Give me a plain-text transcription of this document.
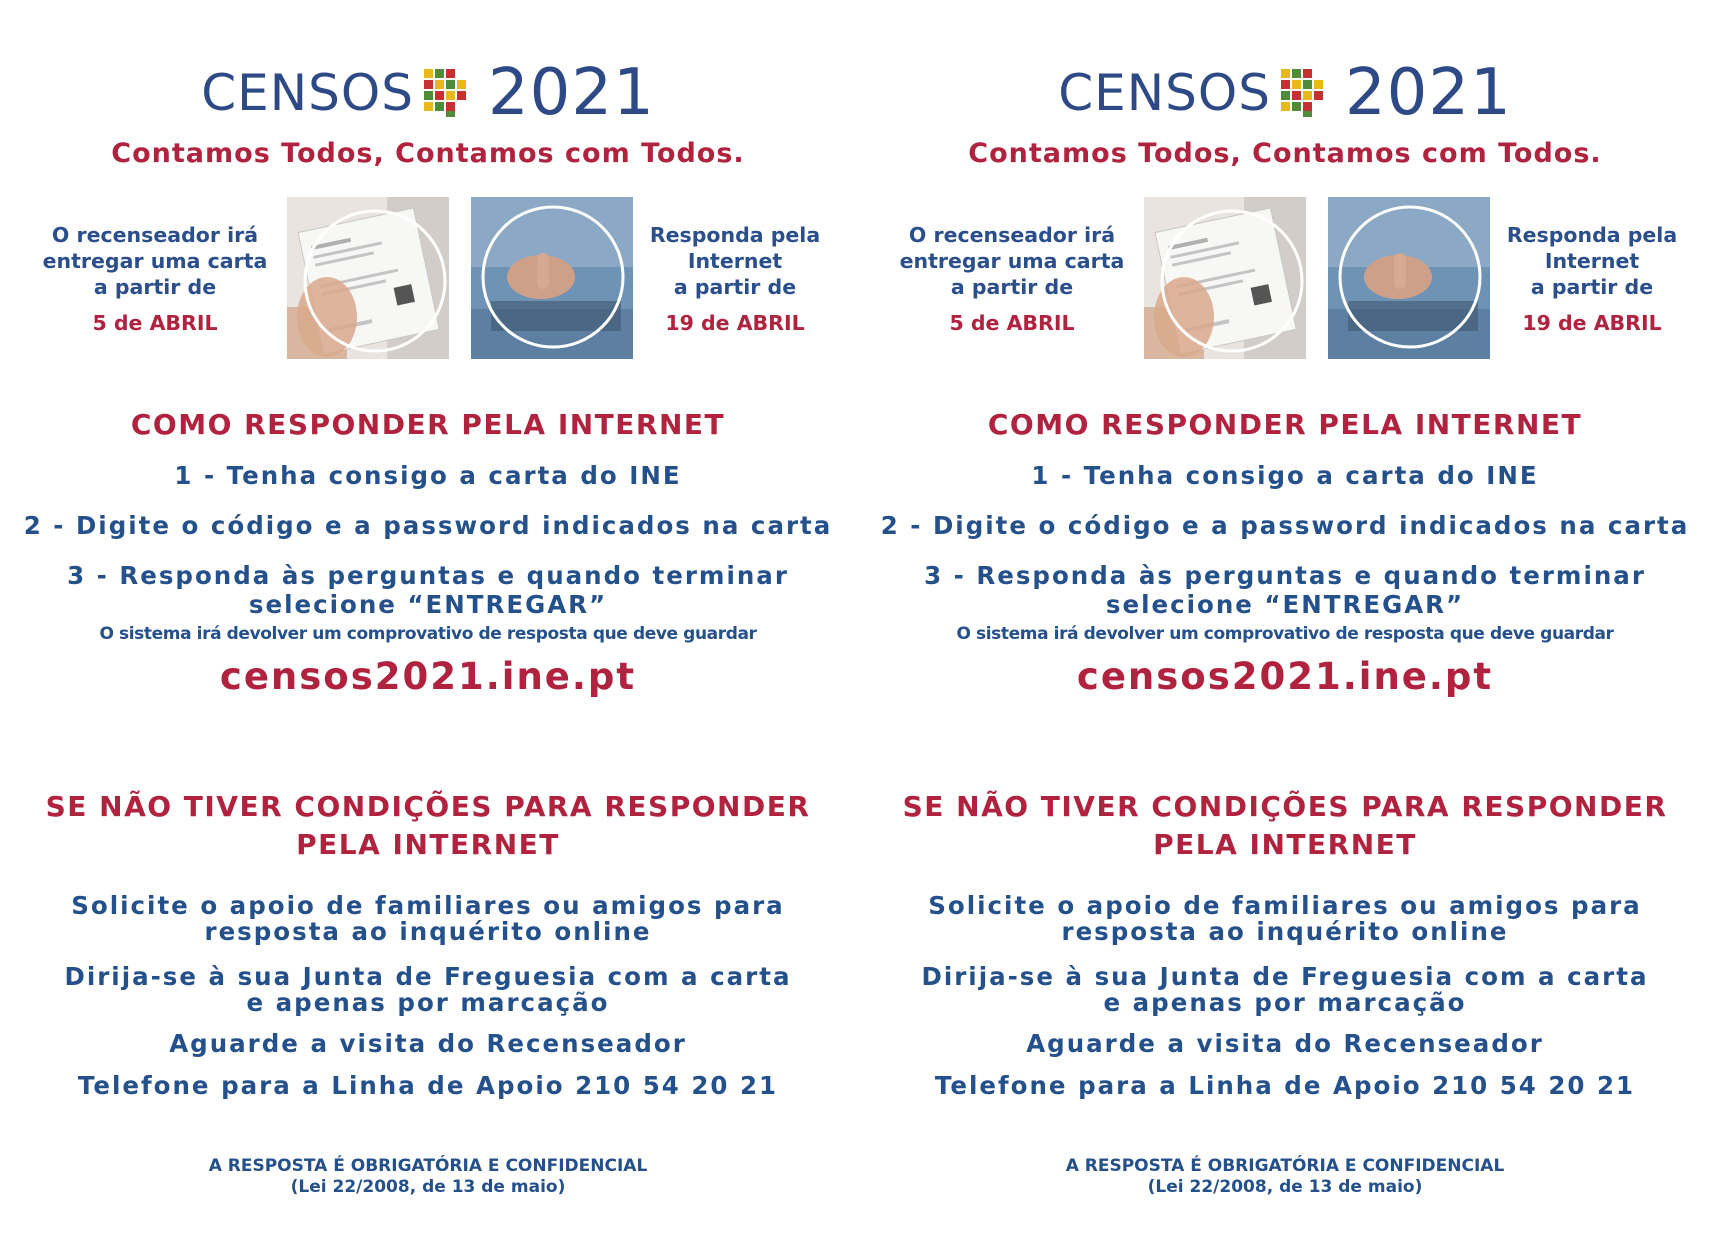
CENSOS 2021
Contamos Todos, Contamos com Todos.
O recenseador irá
entregar uma carta
a partir de
5 de ABRIL
Responda pela
Internet
a partir de
19 de ABRIL
COMO RESPONDER PELA INTERNET
1 - Tenha consigo a carta do INE
2 - Digite o código e a password indicados na carta
3 - Responda às perguntas e quando terminar
selecione “ENTREGAR”
O sistema irá devolver um comprovativo de resposta que deve guardar
censos2021.ine.pt
SE NÃO TIVER CONDIÇÕES PARA RESPONDER
PELA INTERNET
Solicite o apoio de familiares ou amigos para
resposta ao inquérito online
Dirija-se à sua Junta de Freguesia com a carta
e apenas por marcação
Aguarde a visita do Recenseador
Telefone para a Linha de Apoio 210 54 20 21
A RESPOSTA É OBRIGATÓRIA E CONFIDENCIAL
(Lei 22/2008, de 13 de maio)
CENSOS 2021
Contamos Todos, Contamos com Todos.
O recenseador irá
entregar uma carta
a partir de
5 de ABRIL
Responda pela
Internet
a partir de
19 de ABRIL
COMO RESPONDER PELA INTERNET
1 - Tenha consigo a carta do INE
2 - Digite o código e a password indicados na carta
3 - Responda às perguntas e quando terminar
selecione “ENTREGAR”
O sistema irá devolver um comprovativo de resposta que deve guardar
censos2021.ine.pt
SE NÃO TIVER CONDIÇÕES PARA RESPONDER
PELA INTERNET
Solicite o apoio de familiares ou amigos para
resposta ao inquérito online
Dirija-se à sua Junta de Freguesia com a carta
e apenas por marcação
Aguarde a visita do Recenseador
Telefone para a Linha de Apoio 210 54 20 21
A RESPOSTA É OBRIGATÓRIA E CONFIDENCIAL
(Lei 22/2008, de 13 de maio)
